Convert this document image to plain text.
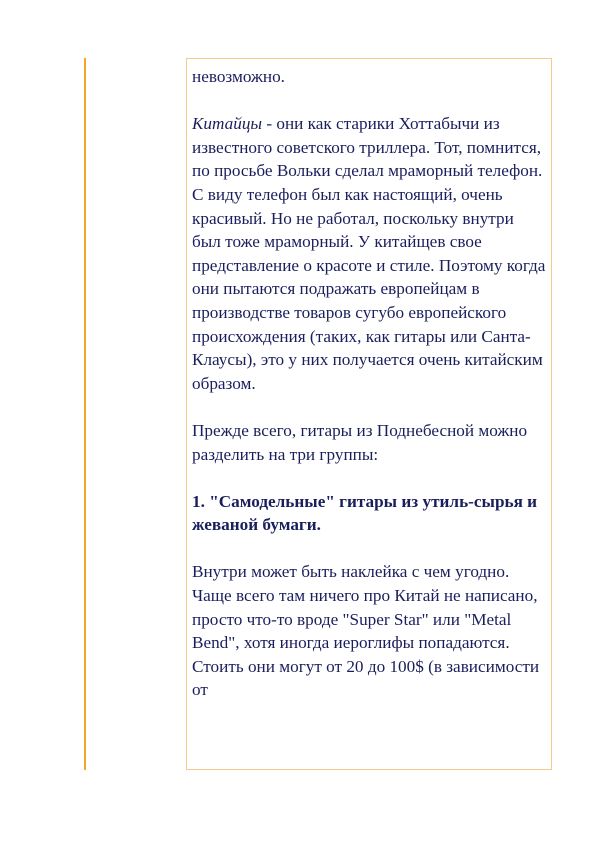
невозможно.

Китайцы - они как старики Хоттабычи из известного советского триллера. Тот, помнится, по просьбе Вольки сделал мраморный телефон. С виду телефон был как настоящий, очень красивый. Но не работал, поскольку внутри был тоже мраморный. У китайщев свое представление о красоте и стиле. Поэтому когда они пытаются подражать европейцам в производстве товаров сугубо европейского происхождения (таких, как гитары или Санта-Клаусы), это у них получается очень китайским образом.

Прежде всего, гитары из Поднебесной можно разделить на три группы:

1. "Самодельные" гитары из утиль-сырья и жеваной бумаги.

Внутри может быть наклейка с чем угодно. Чаще всего там ничего про Китай не написано, просто что-то вроде "Super Star" или "Metal Bend", хотя иногда иероглифы попадаются. Стоить они могут от 20 до 100$ (в зависимости от
